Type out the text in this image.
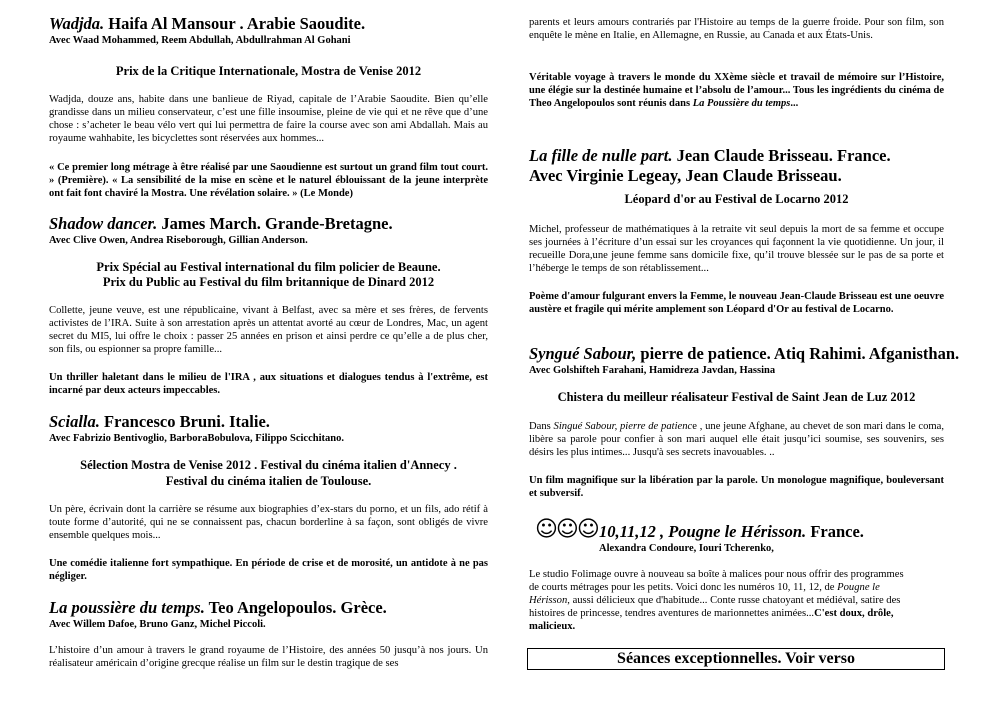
Wadjda. Haifa Al Mansour . Arabie Saoudite.

Avec Waad Mohammed, Reem Abdullah, Abdullrahman Al Gohani

Prix de la Critique Internationale, Mostra de Venise 2012

Wadjda, douze ans, habite dans une banlieue de Riyad, capitale de l’Arabie Saoudite. Bien qu’elle grandisse dans un milieu conservateur, c’est une fille insoumise, pleine de vie qui et ne rêve que d’une chose : s’acheter le beau vélo vert qui lui permettra de faire la course avec son ami Abdallah. Mais au royaume wahhabite, les bicyclettes sont réservées aux hommes...

« Ce premier long métrage à être réalisé par une Saoudienne est surtout un grand film tout court. » (Première). « La sensibilité de la mise en scène et le naturel éblouissant de la jeune interprète ont fait font chaviré la Mostra. Une révélation solaire. » (Le Monde)

Shadow dancer. James March. Grande-Bretagne.

Avec Clive Owen, Andrea Riseborough, Gillian Anderson.

Prix Spécial au Festival international du film policier de Beaune.

Prix du Public au Festival du film britannique de Dinard 2012

Collette, jeune veuve, est une républicaine, vivant à Belfast, avec sa mère et ses frères, de fervents activistes de l’IRA. Suite à son arrestation après un attentat avorté au cœur de Londres, Mac, un agent secret du MI5, lui offre le choix : passer 25 années en prison et ainsi perdre ce qu’elle a de plus cher, son fils, ou espionner sa propre famille...

Un thriller haletant dans le milieu de l'IRA , aux situations et dialogues tendus à l'extrême, est incarné par deux acteurs impeccables.

Scialla. Francesco Bruni. Italie.

Avec Fabrizio Bentivoglio, BarboraBobulova, Filippo Scicchitano.

Sélection Mostra de Venise 2012 . Festival du cinéma italien d'Annecy .

Festival du cinéma italien de Toulouse.

Un père, écrivain dont la carrière se résume aux biographies d’ex-stars du porno, et un fils, ado rétif à toute forme d’autorité, qui ne se connaissent pas, chacun borderline à sa façon, sont obligés de vivre ensemble quelques mois...

Une comédie italienne fort sympathique. En période de crise et de morosité, un antidote à ne pas négliger.

La poussière du temps. Teo Angelopoulos. Grèce.

Avec Willem Dafoe, Bruno Ganz, Michel Piccoli.

L’histoire d’un amour à travers le grand royaume de l’Histoire, des années 50 jusqu’à nos jours. Un réalisateur américain d’origine grecque réalise un film sur le destin tragique de ses

parents et leurs amours contrariés par l'Histoire au temps de la guerre froide. Pour son film, son enquête le mène en Italie, en Allemagne, en Russie, au Canada et aux États-Unis.

Véritable voyage à travers le monde du XXème siècle et travail de mémoire sur l’Histoire, une élégie sur la destinée humaine et l’absolu de l’amour... Tous les ingrédients du cinéma de Theo Angelopoulos sont réunis dans La Poussière du temps...

La fille de nulle part. Jean Claude Brisseau. France.

Avec Virginie Legeay, Jean Claude Brisseau.

Léopard d'or au Festival de Locarno 2012

Michel, professeur de mathématiques à la retraite vit seul depuis la mort de sa femme et occupe ses journées à l’écriture d’un essai sur les croyances qui façonnent la vie quotidienne. Un jour, il recueille Dora,une jeune femme sans domicile fixe, qu’il trouve blessée sur le pas de sa porte et l’héberge le temps de son rétablissement...

Poème d'amour fulgurant envers la Femme, le nouveau Jean-Claude Brisseau est une oeuvre austère et fragile qui mérite amplement son Léopard d'Or au festival de Locarno.

Syngué Sabour, pierre de patience. Atiq Rahimi. Afganisthan.

Avec Golshifteh Farahani, Hamidreza Javdan, Hassina

Chistera du meilleur réalisateur Festival de Saint Jean de Luz 2012

Dans Singué Sabour, pierre de patience , une jeune Afghane, au chevet de son mari dans le coma, libère sa parole pour confier à son mari auquel elle était jusqu’ici soumise, ses souvenirs, ses désirs les plus intimes... Jusqu'à ses secrets inavouables. ..

Un film magnifique sur la libération par la parole. Un monologue magnifique, bouleversant et subversif.

10,11,12 , Pougne le Hérisson. France.

Alexandra Condoure, Iouri Tcherenko,

Le studio Folimage ouvre à nouveau sa boîte à malices pour nous offrir des programmes de courts métrages pour les petits. Voici donc les numéros 10, 11, 12, de Pougne le Hérisson, aussi délicieux que d'habitude... Conte russe chatoyant et médiéval, satire des histoires de princesse, tendres aventures de marionnettes animées...C'est doux, drôle, malicieux.

☺☺☺
Séances exceptionnelles. Voir verso
